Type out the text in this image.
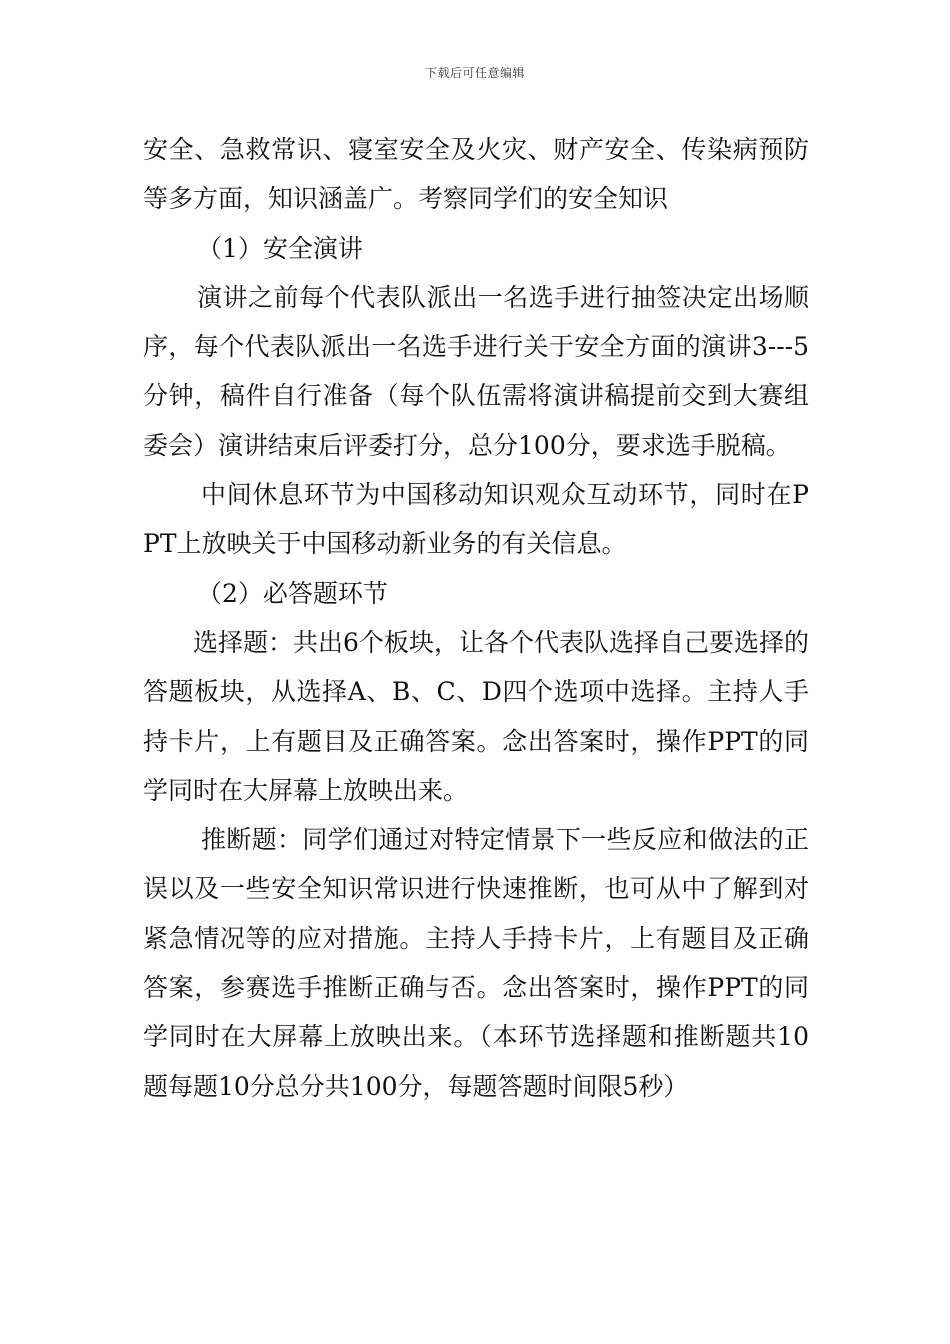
下载后可任意编辑

安全、急救常识、寝室安全及火灾、财产安全、传染病预防等多方面，知识涵盖广。考察同学们的安全知识

（1）安全演讲

演讲之前每个代表队派出一名选手进行抽签决定出场顺序，每个代表队派出一名选手进行关于安全方面的演讲3---5分钟，稿件自行准备（每个队伍需将演讲稿提前交到大赛组委会）演讲结束后评委打分，总分100分，要求选手脱稿。

中间休息环节为中国移动知识观众互动环节，同时在PPT上放映关于中国移动新业务的有关信息。

（2）必答题环节

选择题：共出6个板块，让各个代表队选择自己要选择的答题板块，从选择A、B、C、D四个选项中选择。主持人手持卡片，上有题目及正确答案。念出答案时，操作PPT的同学同时在大屏幕上放映出来。

推断题：同学们通过对特定情景下一些反应和做法的正误以及一些安全知识常识进行快速推断，也可从中了解到对紧急情况等的应对措施。主持人手持卡片，上有题目及正确答案，参赛选手推断正确与否。念出答案时，操作PPT的同学同时在大屏幕上放映出来。（本环节选择题和推断题共10题每题10分总分共100分，每题答题时间限5秒）
